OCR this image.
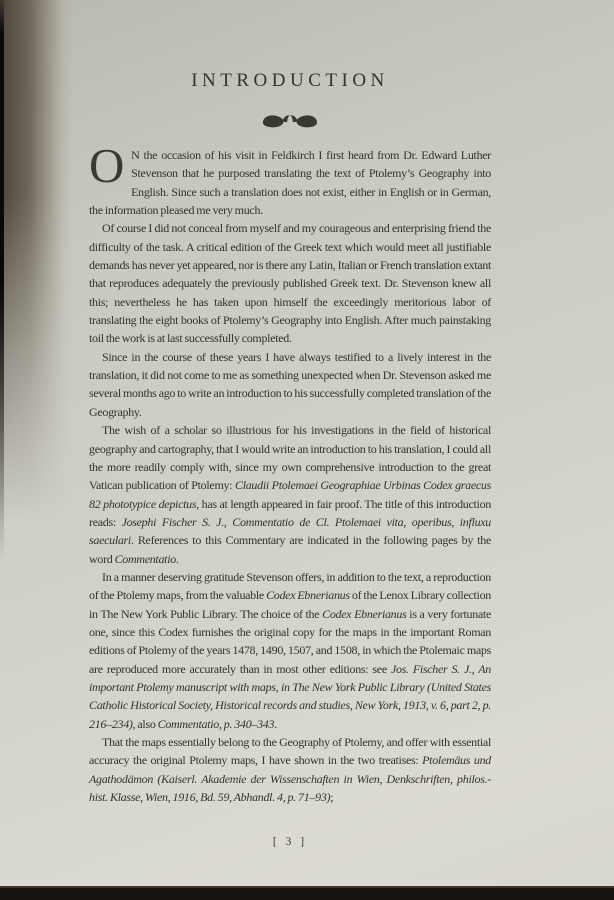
INTRODUCTION

O N the occasion of his visit in Feldkirch I first heard from Dr. Edward Luther Stevenson that he purposed translating the text of Ptolemy’s Geography into English. Since such a translation does not exist, either in English or in German, the information pleased me very much.

Of course I did not conceal from myself and my courageous and enterprising friend the difficulty of the task. A critical edition of the Greek text which would meet all justifiable demands has never yet appeared, nor is there any Latin, Italian or French translation extant that reproduces adequately the previously published Greek text. Dr. Stevenson knew all this; nevertheless he has taken upon himself the exceedingly meritorious labor of translating the eight books of Ptolemy’s Geography into English. After much painstaking toil the work is at last successfully completed.

Since in the course of these years I have always testified to a lively interest in the translation, it did not come to me as something unexpected when Dr. Stevenson asked me several months ago to write an introduction to his successfully completed translation of the Geography.

The wish of a scholar so illustrious for his investigations in the field of historical geography and cartography, that I would write an introduction to his translation, I could all the more readily comply with, since my own comprehensive introduction to the great Vatican publication of Ptolemy: Claudii Ptolemaei Geographiae Urbinas Codex graecus 82 phototypice depictus, has at length appeared in fair proof. The title of this introduction reads: Josephi Fischer S. J., Commentatio de Cl. Ptolemaei vita, operibus, influxu saeculari. References to this Commentary are indicated in the following pages by the word Commentatio.

In a manner deserving gratitude Stevenson offers, in addition to the text, a reproduction of the Ptolemy maps, from the valuable Codex Ebnerianus of the Lenox Library collection in The New York Public Library. The choice of the Codex Ebnerianus is a very fortunate one, since this Codex furnishes the original copy for the maps in the important Roman editions of Ptolemy of the years 1478, 1490, 1507, and 1508, in which the Ptolemaic maps are reproduced more accurately than in most other editions: see Jos. Fischer S. J., An important Ptolemy manuscript with maps, in The New York Public Library (United States Catholic Historical Society, Historical records and studies, New York, 1913, v. 6, part 2, p. 216–234), also Commentatio, p. 340–343.

That the maps essentially belong to the Geography of Ptolemy, and offer with essential accuracy the original Ptolemy maps, I have shown in the two treatises: Ptolemäus und Agathodämon (Kaiserl. Akademie der Wissenschaften in Wien, Denkschriften, philos.-hist. Klasse, Wien, 1916, Bd. 59, Abhandl. 4, p. 71–93);

[ 3 ]
